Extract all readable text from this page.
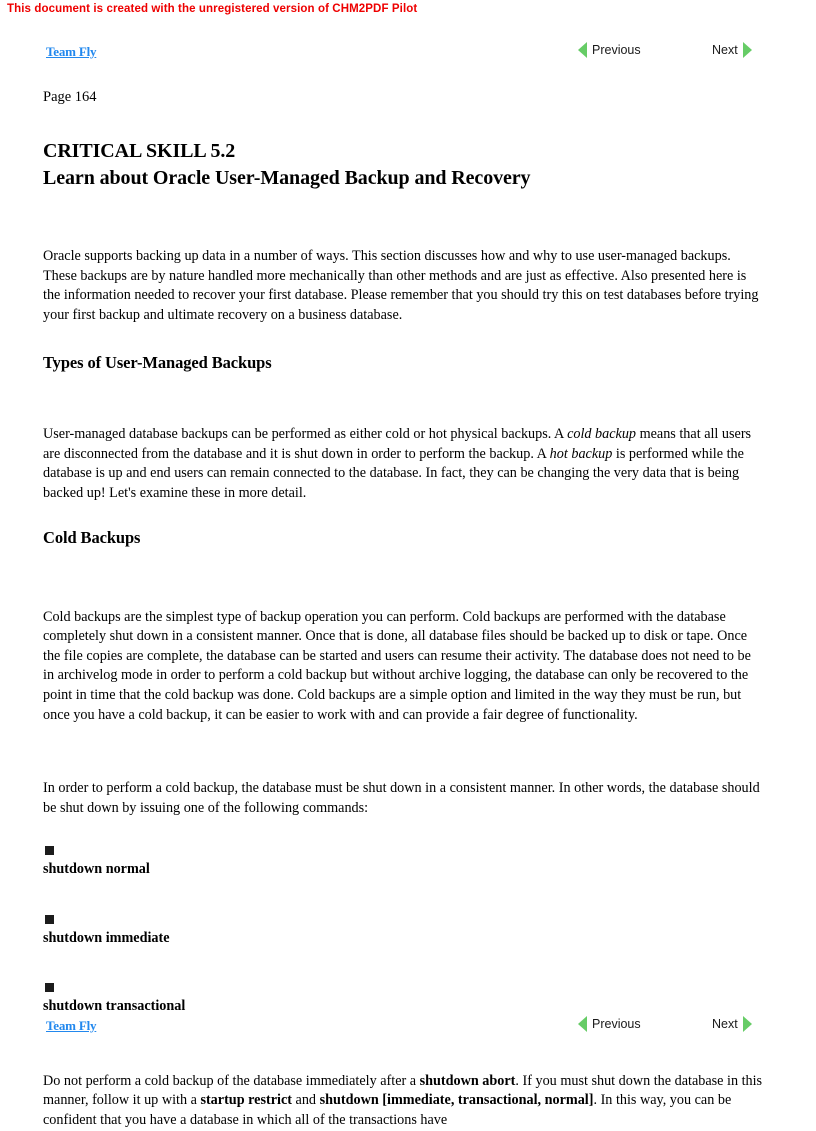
This document is created with the unregistered version of CHM2PDF Pilot
Team Fly	Previous	Next

Page 164

CRITICAL SKILL 5.2
Learn about Oracle User-Managed Backup and Recovery

Oracle supports backing up data in a number of ways. This section discusses how and why to use user-managed backups. These backups are by nature handled more mechanically than other methods and are just as effective. Also presented here is the information needed to recover your first database. Please remember that you should try this on test databases before trying your first backup and ultimate recovery on a business database.

Types of User-Managed Backups

User-managed database backups can be performed as either cold or hot physical backups. A cold backup means that all users are disconnected from the database and it is shut down in order to perform the backup. A hot backup is performed while the database is up and end users can remain connected to the database. In fact, they can be changing the very data that is being backed up! Let's examine these in more detail.

Cold Backups

Cold backups are the simplest type of backup operation you can perform. Cold backups are performed with the database completely shut down in a consistent manner. Once that is done, all database files should be backed up to disk or tape. Once the file copies are complete, the database can be started and users can resume their activity. The database does not need to be in archivelog mode in order to perform a cold backup but without archive logging, the database can only be recovered to the point in time that the cold backup was done. Cold backups are a simple option and limited in the way they must be run, but once you have a cold backup, it can be easier to work with and can provide a fair degree of functionality.

In order to perform a cold backup, the database must be shut down in a consistent manner. In other words, the database should be shut down by issuing one of the following commands:

shutdown normal

shutdown immediate

shutdown transactional

Do not perform a cold backup of the database immediately after a shutdown abort. If you must shut down the database in this manner, follow it up with a startup restrict and shutdown [immediate, transactional, normal]. In this way, you can be confident that you have a database in which all of the transactions have

Team Fly	Previous	Next
